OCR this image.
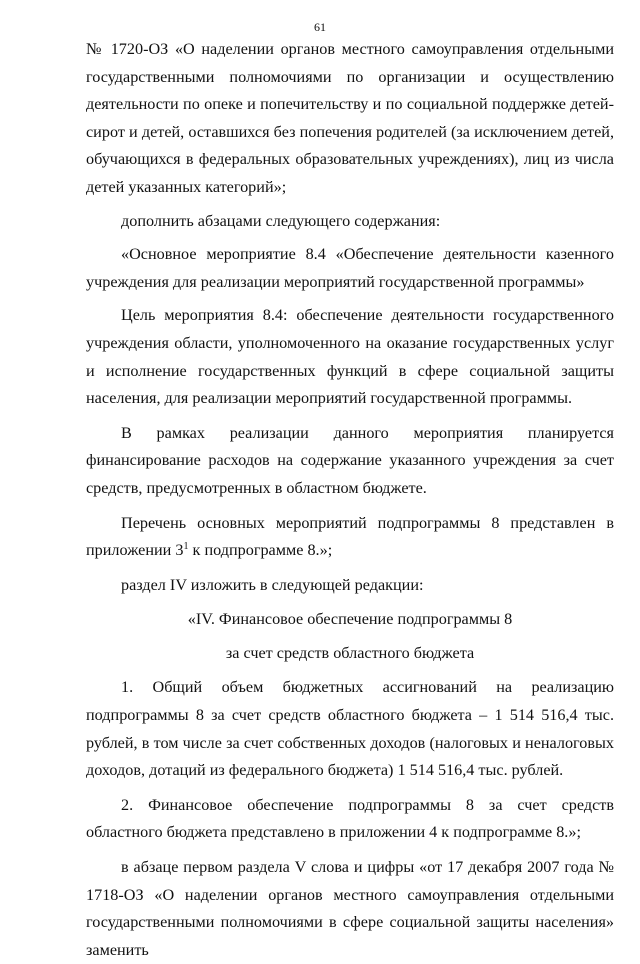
61

№ 1720-ОЗ «О наделении органов местного самоуправления отдельными государственными полномочиями по организации и осуществлению деятельности по опеке и попечительству и по социальной поддержке детей-сирот и детей, оставшихся без попечения родителей (за исключением детей, обучающихся в федеральных образовательных учреждениях), лиц из числа детей указанных категорий»;

дополнить абзацами следующего содержания:

«Основное мероприятие 8.4 «Обеспечение деятельности казенного учреждения для реализации мероприятий государственной программы»

Цель мероприятия 8.4: обеспечение деятельности государственного учреждения области, уполномоченного на оказание государственных услуг и исполнение государственных функций в сфере социальной защиты населения, для реализации мероприятий государственной программы.

В рамках реализации данного мероприятия планируется финансирование расходов на содержание указанного учреждения за счет средств, предусмотренных в областном бюджете.

Перечень основных мероприятий подпрограммы 8 представлен в приложении $3^1$ к подпрограмме 8.»;

раздел IV изложить в следующей редакции:

«IV. Финансовое обеспечение подпрограммы 8

за счет средств областного бюджета

1. Общий объем бюджетных ассигнований на реализацию подпрограммы 8 за счет средств областного бюджета – 1 514 516,4 тыс. рублей, в том числе за счет собственных доходов (налоговых и неналоговых доходов, дотаций из федерального бюджета) 1 514 516,4 тыс. рублей.

2. Финансовое обеспечение подпрограммы 8 за счет средств областного бюджета представлено в приложении 4 к подпрограмме 8.»;

в абзаце первом раздела V слова и цифры «от 17 декабря 2007 года № 1718-ОЗ «О наделении органов местного самоуправления отдельными государственными полномочиями в сфере социальной защиты населения» заменить
